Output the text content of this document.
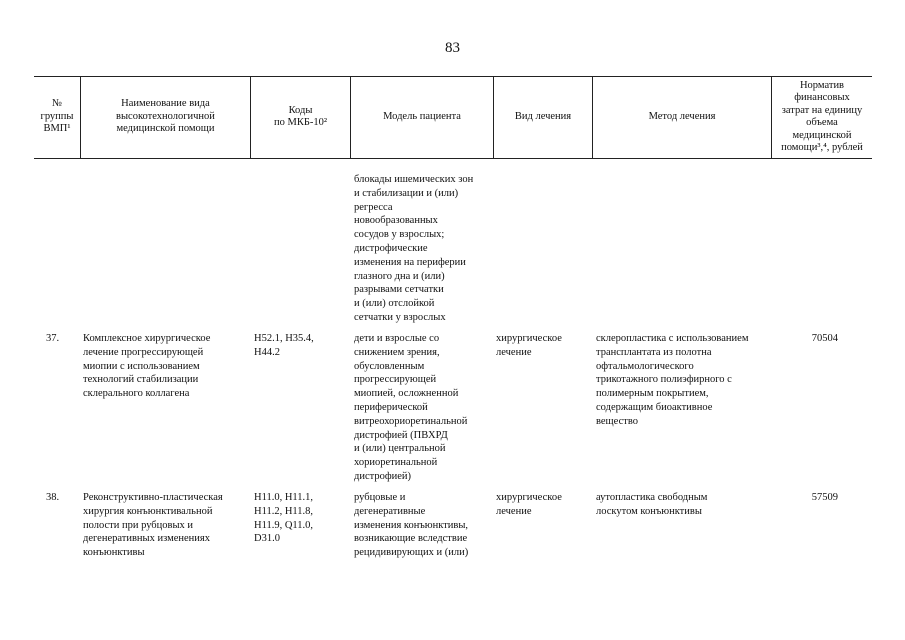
83
№
группы
ВМП¹
Наименование вида
высокотехнологичной
медицинской помощи
Коды
по МКБ-10²
Модель пациента	Вид лечения	Метод лечения
Норматив
финансовых
затрат на единицу
объема
медицинской
помощи³,⁴, рублей
блокады ишемических зон
и стабилизации и (или)
регресса
новообразованных
сосудов у взрослых;
дистрофические
изменения на периферии
глазного дна и (или)
разрывами сетчатки
и (или) отслойкой
сетчатки у взрослых
37. Комплексное хирургическое
лечение прогрессирующей
миопии с использованием
технологий стабилизации
склерального коллагена
H52.1, H35.4,
H44.2
дети и взрослые со
снижением зрения,
обусловленным
прогрессирующей
миопией, осложненной
периферической
витреохориоретинальной
дистрофией (ПВХРД
и (или) центральной
хориоретинальной
дистрофией)
хирургическое
лечение
склеропластика с использованием
трансплантата из полотна
офтальмологического
трикотажного полиэфирного с
полимерным покрытием,
содержащим биоактивное
вещество
70504
38. Реконструктивно-пластическая
хирургия конъюнктивальной
полости при рубцовых и
дегенеративных изменениях
конъюнктивы
H11.0, H11.1,
H11.2, H11.8,
H11.9, Q11.0,
D31.0
рубцовые и
дегенеративные
изменения конъюнктивы,
возникающие вследствие
рецидивирующих и (или)
хирургическое
лечение
аутопластика свободным
лоскутом конъюнктивы
57509
